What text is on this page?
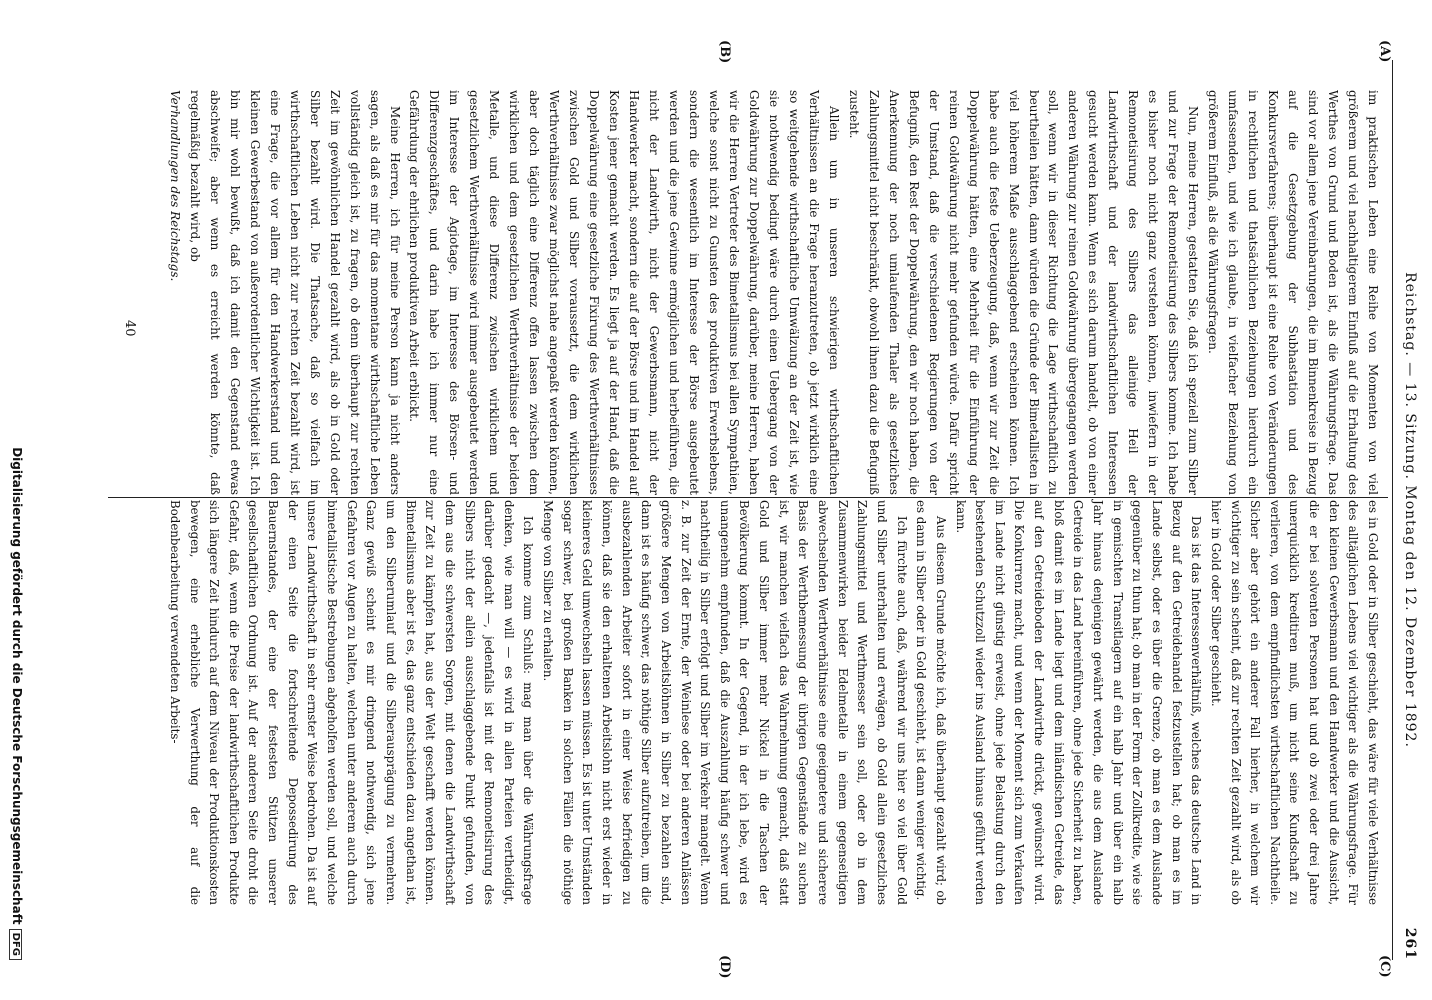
Reichstag. — 13. Sitzung. Montag den 12. Dezember 1892.
261
(A)
(B)
(C)
(D)

im praktischen Leben eine Reihe von Momenten von viel größerem und viel nachhaltigerem Einfluß auf die Erhaltung des Werthes von Grund und Boden ist, als die Währungsfrage. Das sind vor allem jene Vereinbarungen, die im Binnenkreise in Bezug auf die Gesetzgebung der Subhastation und des Konkursverfahrens; überhaupt ist eine Reihe von Veränderungen in rechtlichen und thatsächlichen Beziehungen hierdurch ein umfassenden, und wie ich glaube, in vielfacher Beziehung von größerem Einfluß, als die Währungsfragen.

Nun, meine Herren, gestatten Sie, daß ich speziell zum Silber und zur Frage der Remonetisirung des Silbers komme. Ich habe es bisher noch nicht ganz verstehen können, inwiefern in der Remonetisirung des Silbers das alleinige Heil der Landwirthschaft und der landwirthschaftlichen Interessen gesucht werden kann. Wenn es sich darum handelt, ob von einer anderen Währung zur reinen Goldwährung übergegangen werden soll, wenn wir in dieser Richtung die Lage wirthschaftlich zu beurtheilen hätten, dann würden die Gründe der Bimetallisten in viel höherem Maße ausschlaggebend erscheinen können. Ich habe auch die feste Ueberzeugung, daß, wenn wir zur Zeit die Doppelwährung hätten, eine Mehrheit für die Einführung der reinen Goldwährung nicht mehr gefunden würde. Dafür spricht der Umstand, daß die verschiedenen Regierungen von der Befugniß, den Rest der Doppelwährung, den wir noch haben, die Anerkennung der noch umlaufenden Thaler als gesetzliches Zahlungsmittel nicht beschränkt, obwohl ihnen dazu die Befugniß zusteht.

Allein um in unseren schwierigen wirthschaftlichen Verhältnissen an die Frage heranzutreten, ob jetzt wirklich eine so weitgehende wirthschaftliche Umwälzung an der Zeit ist, wie sie nothwendig bedingt wäre durch einen Uebergang von der Goldwährung zur Doppelwährung, darüber, meine Herren, haben wir die Herren Vertreter des Bimetallismus bei allen Sympathien, welche sonst nicht zu Gunsten des produktiven Erwerbslebens, sondern die wesentlich im Interesse der Börse ausgebeutet werden und die jene Gewinne ermöglichen und herbeiführen, die nicht der Landwirth, nicht der Gewerbsmann, nicht der Handwerker macht, sondern die auf der Börse und im Handel auf Kosten jener gemacht werden. Es liegt ja auf der Hand, daß die Doppelwährung eine gesetzliche Fixirung des Werthverhältnisses zwischen Gold und Silber voraussetzt, die dem wirklichen Werthverhältnisse zwar möglichst nahe angepaßt werden können, aber doch täglich eine Differenz offen lassen zwischen dem wirklichen und dem gesetzlichen Werthverhältnisse der beiden Metalle, und diese Differenz zwischen wirklichem und gesetzlichem Werthverhältnisse wird immer ausgebeutet werden im Interesse der Agiotage, im Interesse des Börsen- und Differenzgeschäftes, und darin habe ich immer nur eine Gefährdung der ehrlichen produktiven Arbeit erblickt.

Meine Herren, ich für meine Person kann ja nicht anders sagen, als daß es mir für das momentane wirthschaftliche Leben vollständig gleich ist, zu fragen, ob denn überhaupt zur rechten Zeit im gewöhnlichen Handel gezahlt wird, als ob in Gold oder Silber bezahlt wird. Die Thatsache, daß so vielfach im wirthschaftlichen Leben nicht zur rechten Zeit bezahlt wird, ist eine Frage, die vor allem für den Handwerkerstand und den kleinen Gewerbestand von außerordentlicher Wichtigkeit ist. Ich bin mir wohl bewußt, daß ich damit den Gegenstand etwas abschweife; aber wenn es erreicht werden könnte, daß regelmäßig bezahlt wird, ob

Verhandlungen des Reichstags.

es in Gold oder in Silber geschieht, das wäre für viele Verhältnisse des alltäglichen Lebens viel wichtiger als die Währungsfrage. Für den kleinen Gewerbsmann und den Handwerker und die Aussicht, die er bei solventen Personen hat und ob zwei oder drei Jahre unerquicklich kreditiren muß, um nicht seine Kundschaft zu verlieren, von dem empfindlichsten wirthschaftlichen Nachtheile. Sicher aber gehört ein anderer Fall hierher, in welchem wir wichtiger zu sein scheint, daß zur rechten Zeit gezahlt wird, als ob hier in Gold oder Silber geschieht.

Das ist das Interessenverhältniß, welches das deutsche Land in Bezug auf den Getreidehandel festzustellen hat; ob man es im Lande selbst, oder es über die Grenze, ob man es dem Auslande gegenüber zu thun hat; ob man in der Form der Zollkredite, wie sie in gemischten Transitlagern auf ein halb Jahr und über ein halb Jahr hinaus denjenigen gewährt werden, die aus dem Auslande Getreide in das Land hereinführen, ohne jede Sicherheit zu haben, bloß damit es im Lande liegt und dem inländischen Getreide, das auf den Getreideboden der Landwirthe drückt, gewünscht wird. Die Konkurrenz macht, und wenn der Moment sich zum Verkaufen im Lande nicht günstig erweist, ohne jede Belastung durch den bestehenden Schutzzoll wieder ins Ausland hinaus geführt werden kann.

Aus diesem Grunde möchte ich, daß überhaupt gezahlt wird; ob es dann in Silber oder in Gold geschieht, ist dann weniger wichtig.

Ich fürchte auch, daß, während wir uns hier so viel über Gold und Silber unterhalten und erwägen, ob Gold allein gesetzliches Zahlungsmittel und Werthmesser sein soll, oder ob in dem Zusammenwirken beider Edelmetalle in einem gegenseitigen abwechselnden Werthverhältnisse eine geeignetere und sicherere Basis der Werthbemessung der übrigen Gegenstände zu suchen ist, wir manchen vielfach das Wahrnehmung gemacht, daß statt Gold und Silber immer mehr Nickel in die Taschen der Bevölkerung kommt. In der Gegend, in der ich lebe, wird es unangenehm empfunden, daß die Auszahlung häufig schwer und nachtheilig in Silber erfolgt und Silber im Verkehr mangelt. Wenn z. B. zur Zeit der Ernte, der Weinlese oder bei anderen Anlässen größere Mengen von Arbeitslöhnen in Silber zu bezahlen sind, dann ist es häufig schwer, das nöthige Silber aufzutreiben, um die ausbezahlenden Arbeiter sofort in einer Weise befriedigen zu können, daß sie den erhaltenen Arbeitslohn nicht erst wieder in kleineres Geld umwechseln lassen müssen. Es ist unter Umständen sogar schwer, bei großen Banken in solchen Fällen die nöthige Menge von Silber zu erhalten.

Ich komme zum Schluß: mag man über die Währungsfrage denken, wie man will — es wird in allen Parteien vertheidigt, darüber gedacht —, jedenfalls ist mit der Remonetisirung des Silbers nicht der allein ausschlaggebende Punkt gefunden, von dem aus die schwersten Sorgen, mit denen die Landwirthschaft zur Zeit zu kämpfen hat, aus der Welt geschafft werden können. Bimetallismus aber ist es, das ganz entschieden dazu angethan ist, um den Silberumlauf und die Silberausprägung zu vermehren. Ganz gewiß scheint es mir dringend nothwendig, sich jene Gefahren vor Augen zu halten, welchen unter anderem auch durch bimetallistische Bestrebungen abgeholfen werden soll, und welche unsere Landwirthschaft in sehr ernster Weise bedrohen. Da ist auf der einen Seite die fortschreitende Depossedirung des Bauernstandes, der eine der festesten Stützen unserer gesellschaftlichen Ordnung ist. Auf der anderen Seite droht die Gefahr, daß, wenn die Preise der landwirthschaftlichen Produkte sich längere Zeit hindurch auf dem Niveau der Produktionskosten bewegen, eine erhebliche Verwerthung der auf die Bodenbearbeitung verwendeten Arbeits-

40
Digitalisierung gefördert durch die Deutsche ForschungsgemeinschaftDFG
